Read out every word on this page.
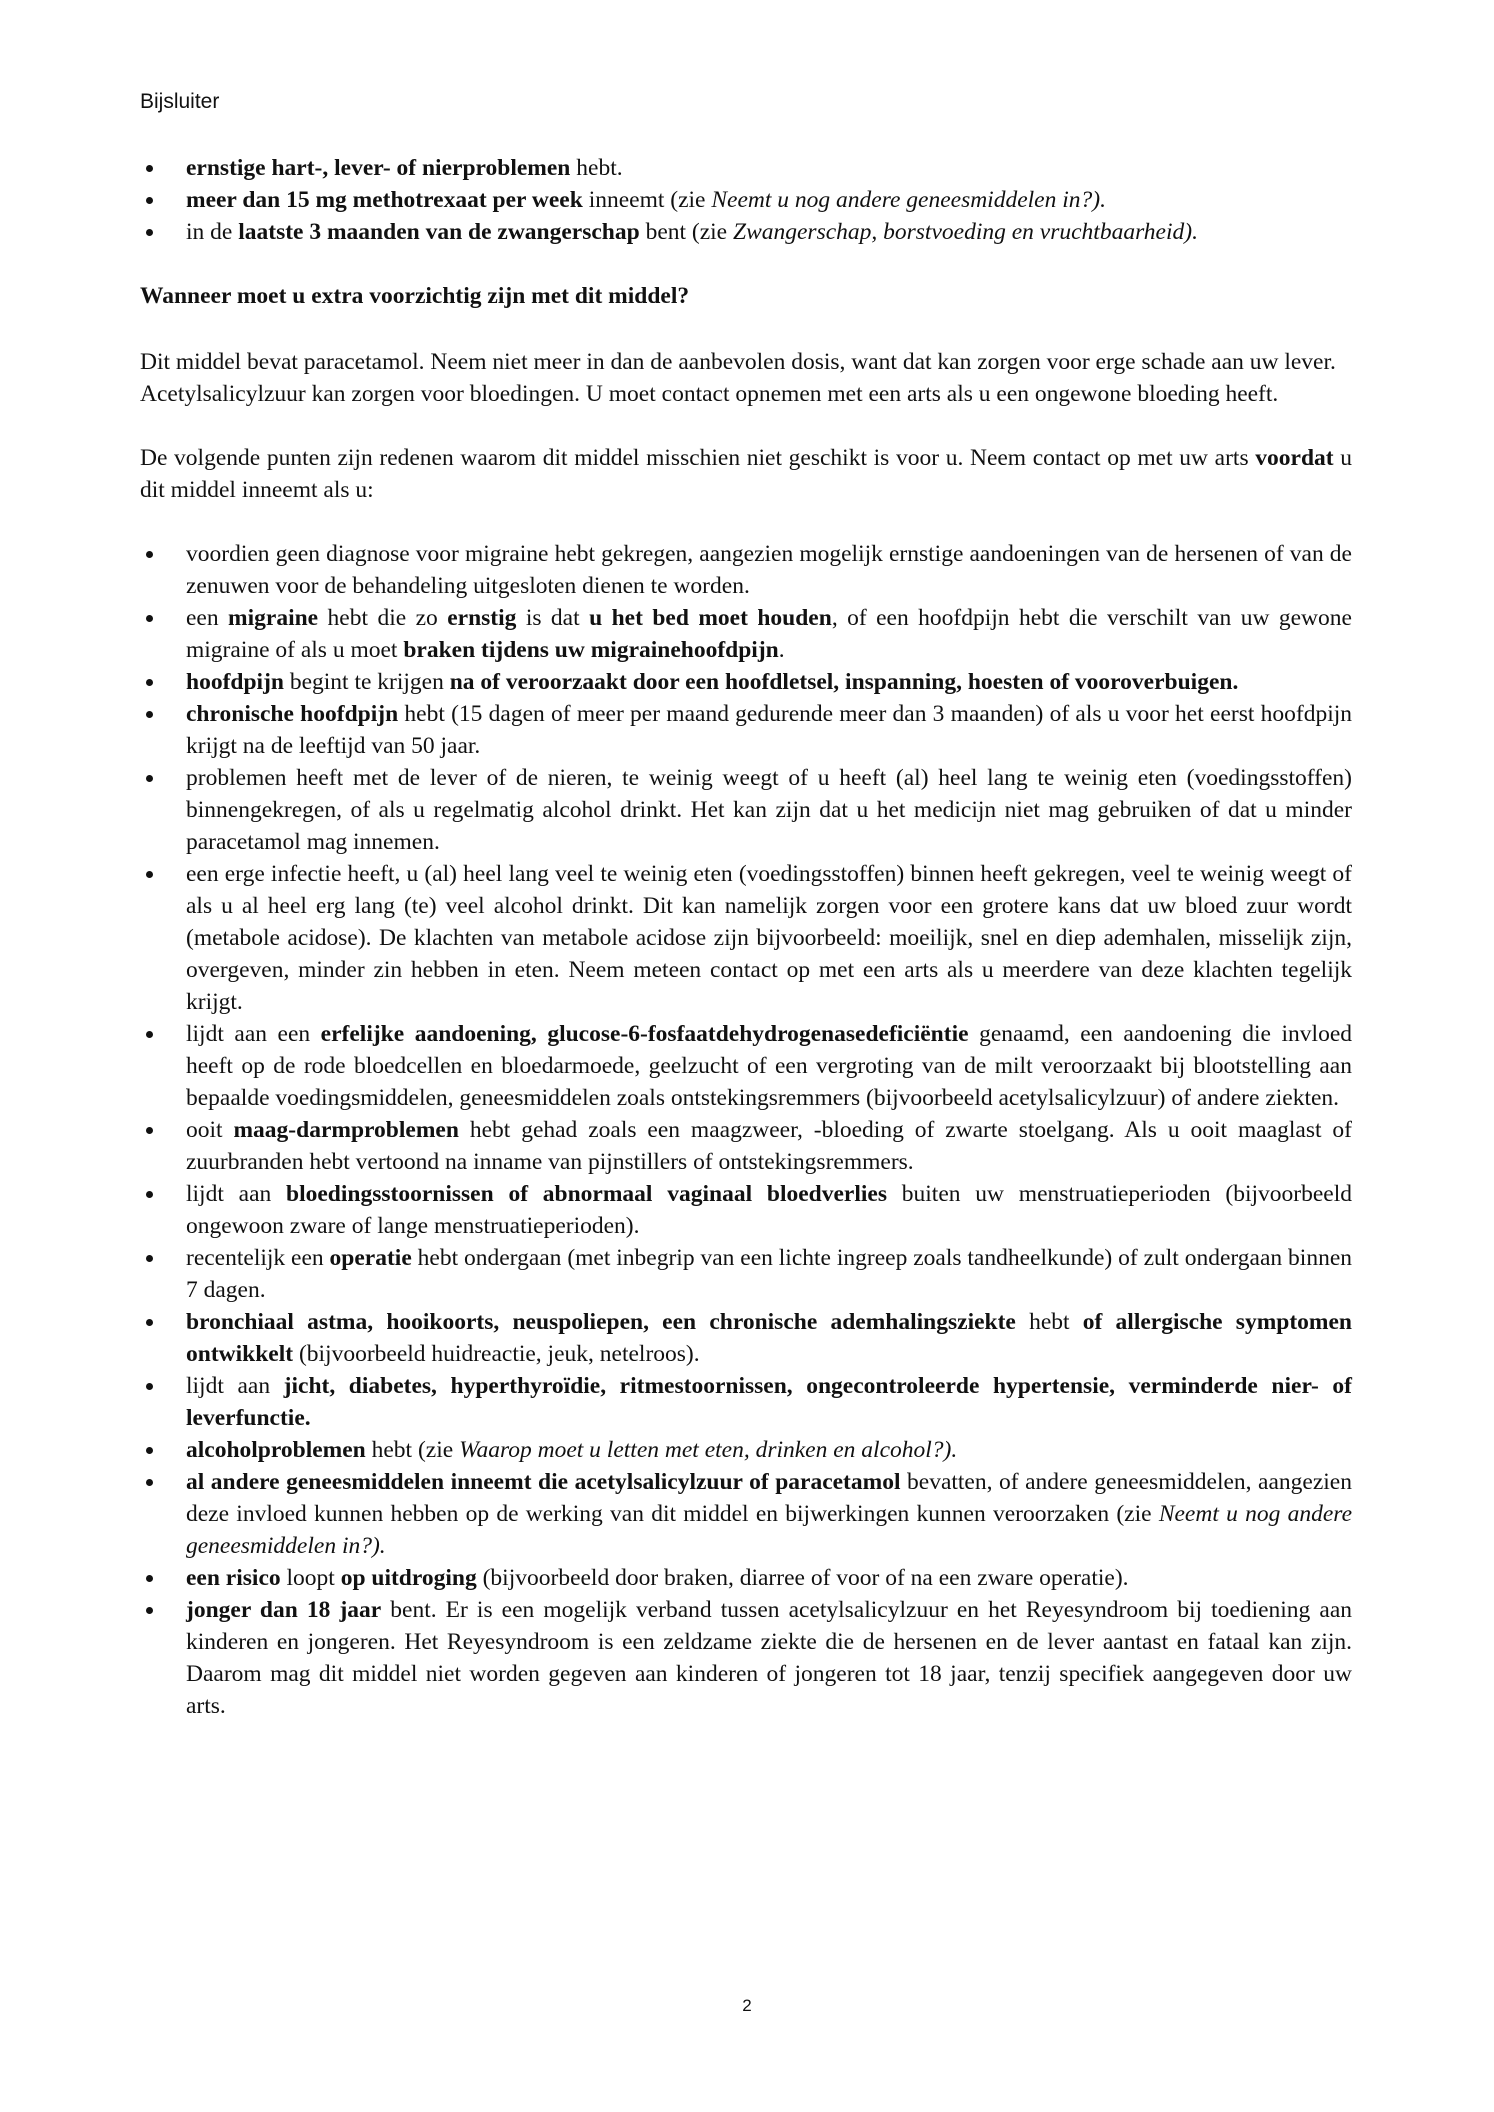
Bijsluiter
ernstige hart-, lever- of nierproblemen hebt.
meer dan 15 mg methotrexaat per week inneemt (zie Neemt u nog andere geneesmiddelen in?).
in de laatste 3 maanden van de zwangerschap bent (zie Zwangerschap, borstvoeding en vruchtbaarheid).

Wanneer moet u extra voorzichtig zijn met dit middel?

Dit middel bevat paracetamol. Neem niet meer in dan de aanbevolen dosis, want dat kan zorgen voor erge schade aan uw lever.

Acetylsalicylzuur kan zorgen voor bloedingen. U moet contact opnemen met een arts als u een ongewone bloeding heeft.

De volgende punten zijn redenen waarom dit middel misschien niet geschikt is voor u. Neem contact op met uw arts voordat u dit middel inneemt als u:

voordien geen diagnose voor migraine hebt gekregen, aangezien mogelijk ernstige aandoeningen van de hersenen of van de zenuwen voor de behandeling uitgesloten dienen te worden.
een migraine hebt die zo ernstig is dat u het bed moet houden, of een hoofdpijn hebt die verschilt van uw gewone migraine of als u moet braken tijdens uw migrainehoofdpijn.
hoofdpijn begint te krijgen na of veroorzaakt door een hoofdletsel, inspanning, hoesten of vooroverbuigen.
chronische hoofdpijn hebt (15 dagen of meer per maand gedurende meer dan 3 maanden) of als u voor het eerst hoofdpijn krijgt na de leeftijd van 50 jaar.
problemen heeft met de lever of de nieren, te weinig weegt of u heeft (al) heel lang te weinig eten (voedingsstoffen) binnengekregen, of als u regelmatig alcohol drinkt. Het kan zijn dat u het medicijn niet mag gebruiken of dat u minder paracetamol mag innemen.
een erge infectie heeft, u (al) heel lang veel te weinig eten (voedingsstoffen) binnen heeft gekregen, veel te weinig weegt of als u al heel erg lang (te) veel alcohol drinkt. Dit kan namelijk zorgen voor een grotere kans dat uw bloed zuur wordt (metabole acidose). De klachten van metabole acidose zijn bijvoorbeeld: moeilijk, snel en diep ademhalen, misselijk zijn, overgeven, minder zin hebben in eten. Neem meteen contact op met een arts als u meerdere van deze klachten tegelijk krijgt.
lijdt aan een erfelijke aandoening, glucose-6-fosfaatdehydrogenasedeficiëntie genaamd, een aandoening die invloed heeft op de rode bloedcellen en bloedarmoede, geelzucht of een vergroting van de milt veroorzaakt bij blootstelling aan bepaalde voedingsmiddelen, geneesmiddelen zoals ontstekingsremmers (bijvoorbeeld acetylsalicylzuur) of andere ziekten.
ooit maag-darmproblemen hebt gehad zoals een maagzweer, -bloeding of zwarte stoelgang. Als u ooit maaglast of zuurbranden hebt vertoond na inname van pijnstillers of ontstekingsremmers.
lijdt aan bloedingsstoornissen of abnormaal vaginaal bloedverlies buiten uw menstruatieperioden (bijvoorbeeld ongewoon zware of lange menstruatieperioden).
recentelijk een operatie hebt ondergaan (met inbegrip van een lichte ingreep zoals tandheelkunde) of zult ondergaan binnen 7 dagen.
bronchiaal astma, hooikoorts, neuspoliepen, een chronische ademhalingsziekte hebt of allergische symptomen ontwikkelt (bijvoorbeeld huidreactie, jeuk, netelroos).
lijdt aan jicht, diabetes, hyperthyroïdie, ritmestoornissen, ongecontroleerde hypertensie, verminderde nier- of leverfunctie.
alcoholproblemen hebt (zie Waarop moet u letten met eten, drinken en alcohol?).
al andere geneesmiddelen inneemt die acetylsalicylzuur of paracetamol bevatten, of andere geneesmiddelen, aangezien deze invloed kunnen hebben op de werking van dit middel en bijwerkingen kunnen veroorzaken (zie Neemt u nog andere geneesmiddelen in?).
een risico loopt op uitdroging (bijvoorbeeld door braken, diarree of voor of na een zware operatie).
jonger dan 18 jaar bent. Er is een mogelijk verband tussen acetylsalicylzuur en het Reyesyndroom bij toediening aan kinderen en jongeren. Het Reyesyndroom is een zeldzame ziekte die de hersenen en de lever aantast en fataal kan zijn. Daarom mag dit middel niet worden gegeven aan kinderen of jongeren tot 18 jaar, tenzij specifiek aangegeven door uw arts.
2
